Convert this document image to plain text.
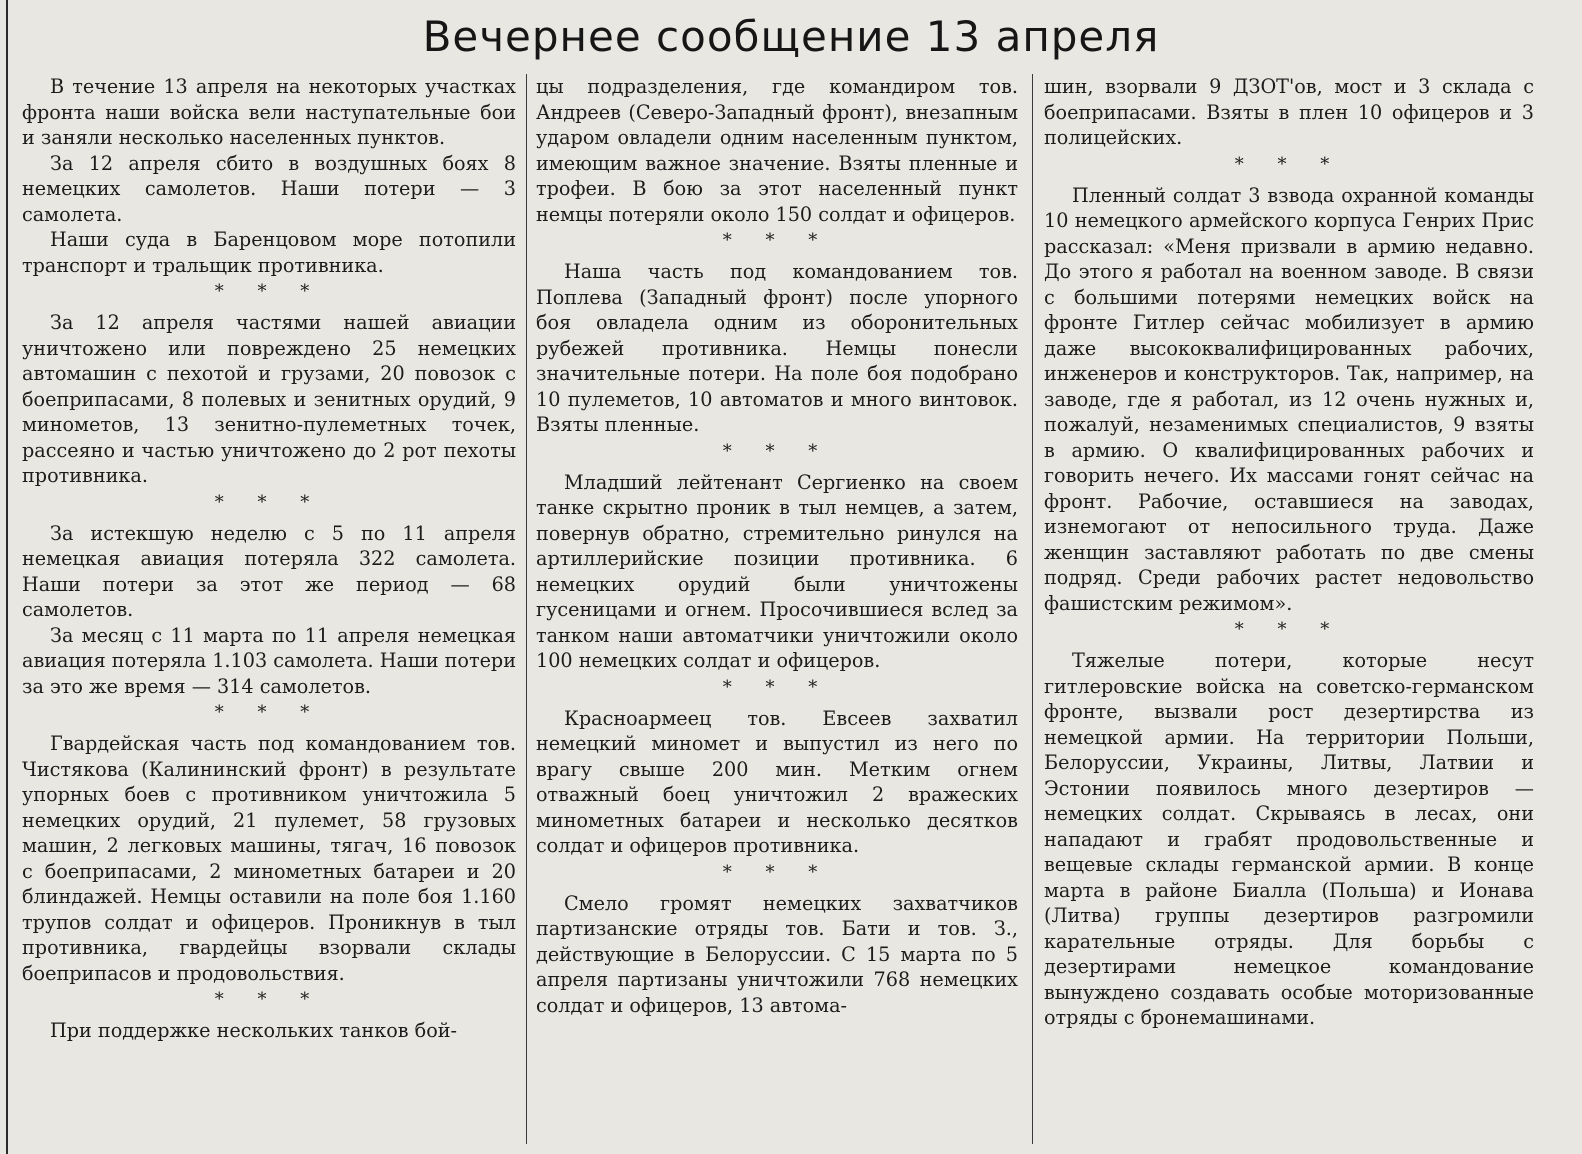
Вечернее сообщение 13 апреля

В течение 13 апреля на некоторых участках фронта наши войска вели наступательные бои и заняли несколько населенных пунктов.

За 12 апреля сбито в воздушных боях 8 немецких самолетов. Наши потери — 3 самолета.

Наши суда в Баренцовом море потопили транспорт и тральщик противника.

* * *

За 12 апреля частями нашей авиации уничтожено или повреждено 25 немецких автомашин с пехотой и грузами, 20 повозок с боеприпасами, 8 полевых и зенитных орудий, 9 минометов, 13 зенитно-пулеметных точек, рассеяно и частью уничтожено до 2 рот пехоты противника.

* * *

За истекшую неделю с 5 по 11 апреля немецкая авиация потеряла 322 самолета. Наши потери за этот же период — 68 самолетов.

За месяц с 11 марта по 11 апреля немецкая авиация потеряла 1.103 самолета. Наши потери за это же время — 314 самолетов.

* * *

Гвардейская часть под командованием тов. Чистякова (Калининский фронт) в результате упорных боев с противником уничтожила 5 немецких орудий, 21 пулемет, 58 грузовых машин, 2 легковых машины, тягач, 16 повозок с боеприпасами, 2 минометных батареи и 20 блиндажей. Немцы оставили на поле боя 1.160 трупов солдат и офицеров. Проникнув в тыл противника, гвардейцы взорвали склады боеприпасов и продовольствия.

* * *

При поддержке нескольких танков бой-

цы подразделения, где командиром тов. Андреев (Северо-Западный фронт), внезапным ударом овладели одним населенным пунктом, имеющим важное значение. Взяты пленные и трофеи. В бою за этот населенный пункт немцы потеряли около 150 солдат и офицеров.

* * *

Наша часть под командованием тов. Поплева (Западный фронт) после упорного боя овладела одним из оборонительных рубежей противника. Немцы понесли значительные потери. На поле боя подобрано 10 пулеметов, 10 автоматов и много винтовок. Взяты пленные.

* * *

Младший лейтенант Сергиенко на своем танке скрытно проник в тыл немцев, а затем, повернув обратно, стремительно ринулся на артиллерийские позиции противника. 6 немецких орудий были уничтожены гусеницами и огнем. Просочившиеся вслед за танком наши автоматчики уничтожили около 100 немецких солдат и офицеров.

* * *

Красноармеец тов. Евсеев захватил немецкий миномет и выпустил из него по врагу свыше 200 мин. Метким огнем отважный боец уничтожил 2 вражеских минометных батареи и несколько десятков солдат и офицеров противника.

* * *

Смело громят немецких захватчиков партизанские отряды тов. Бати и тов. З., действующие в Белоруссии. С 15 марта по 5 апреля партизаны уничтожили 768 немецких солдат и офицеров, 13 автома-

шин, взорвали 9 ДЗОТ'ов, мост и 3 склада с боеприпасами. Взяты в плен 10 офицеров и 3 полицейских.

* * *

Пленный солдат 3 взвода охранной команды 10 немецкого армейского корпуса Генрих Прис рассказал: «Меня призвали в армию недавно. До этого я работал на военном заводе. В связи с большими потерями немецких войск на фронте Гитлер сейчас мобилизует в армию даже высококвалифицированных рабочих, инженеров и конструкторов. Так, например, на заводе, где я работал, из 12 очень нужных и, пожалуй, незаменимых специалистов, 9 взяты в армию. О квалифицированных рабочих и говорить нечего. Их массами гонят сейчас на фронт. Рабочие, оставшиеся на заводах, изнемогают от непосильного труда. Даже женщин заставляют работать по две смены подряд. Среди рабочих растет недовольство фашистским режимом».

* * *

Тяжелые потери, которые несут гитлеровские войска на советско-германском фронте, вызвали рост дезертирства из немецкой армии. На территории Польши, Белоруссии, Украины, Литвы, Латвии и Эстонии появилось много дезертиров — немецких солдат. Скрываясь в лесах, они нападают и грабят продовольственные и вещевые склады германской армии. В конце марта в районе Биалла (Польша) и Ионава (Литва) группы дезертиров разгромили карательные отряды. Для борьбы с дезертирами немецкое командование вынуждено создавать особые моторизованные отряды с бронемашинами.
